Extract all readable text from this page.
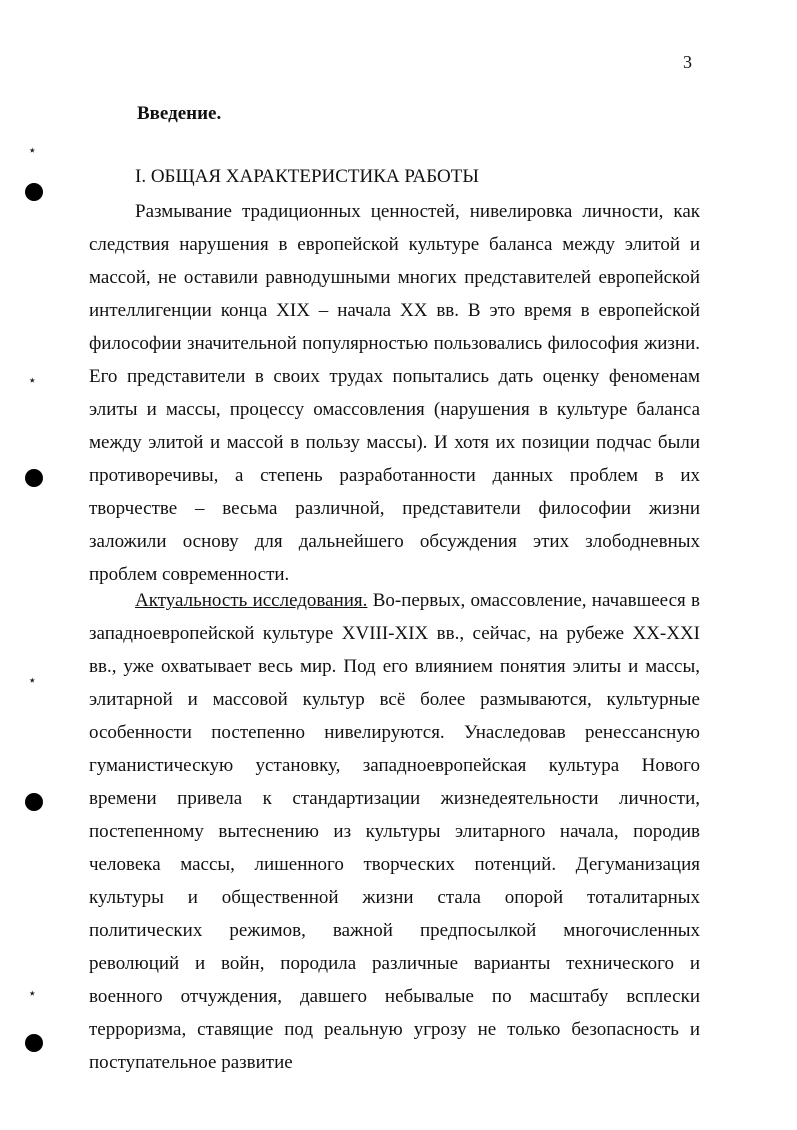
3
Введение.
I. ОБЩАЯ ХАРАКТЕРИСТИКА РАБОТЫ

Размывание традиционных ценностей, нивелировка личности, как следствия нарушения в европейской культуре баланса между элитой и массой, не оставили равнодушными многих представителей европейской интеллигенции конца XIX – начала XX вв. В это время в европейской философии значительной популярностью пользовались философия жизни. Его представители в своих трудах попытались дать оценку феноменам элиты и массы, процессу омассовления (нарушения в культуре баланса между элитой и массой в пользу массы). И хотя их позиции подчас были противоречивы, а степень разработанности данных проблем в их творчестве – весьма различной, представители философии жизни заложили основу для дальнейшего обсуждения этих злободневных проблем современности.

Актуальность исследования. Во-первых, омассовление, начавшееся в западноевропейской культуре XVIII-XIX вв., сейчас, на рубеже XX-XXI вв., уже охватывает весь мир. Под его влиянием понятия элиты и массы, элитарной и массовой культур всё более размываются, культурные особенности постепенно нивелируются. Унаследовав ренессансную гуманистическую установку, западноевропейская культура Нового времени привела к стандартизации жизнедеятельности личности, постепенному вытеснению из культуры элитарного начала, породив человека массы, лишенного творческих потенций. Дегуманизация культуры и общественной жизни стала опорой тоталитарных политических режимов, важной предпосылкой многочисленных революций и войн, породила различные варианты технического и военного отчуждения, давшего небывалые по масштабу всплески терроризма, ставящие под реальную угрозу не только безопасность и поступательное развитие

٭
٭
٭
٭
